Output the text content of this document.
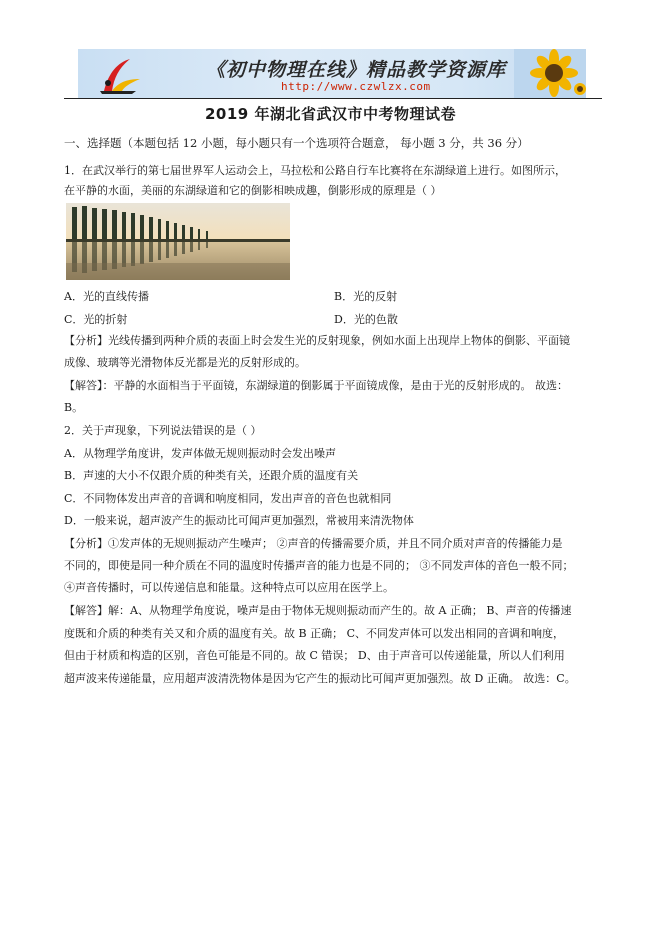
《初中物理在线》精品教学资源库
http://www.czwlzx.com
2019 年湖北省武汉市中考物理试卷
一、选择题（本题包括 12 小题，每小题只有一个选项符合题意， 每小题 3 分，共 36 分）
1．在武汉举行的第七届世界军人运动会上，马拉松和公路自行车比赛将在东湖绿道上进行。如图所示，
在平静的水面，美丽的东湖绿道和它的倒影相映成趣，倒影形成的原理是（ ）
A．光的直线传播	B．光的反射
C．光的折射	D．光的色散
【分析】光线传播到两种介质的表面上时会发生光的反射现象，例如水面上出现岸上物体的倒影、平面镜
成像、玻璃等光滑物体反光都是光的反射形成的。
【解答】：平静的水面相当于平面镜，东湖绿道的倒影属于平面镜成像，是由于光的反射形成的。 故选：
B。
2．关于声现象，下列说法错误的是（ ）
A．从物理学角度讲，发声体做无规则振动时会发出噪声
B．声速的大小不仅跟介质的种类有关，还跟介质的温度有关
C．不同物体发出声音的音调和响度相同，发出声音的音色也就相同
D．一般来说，超声波产生的振动比可闻声更加强烈，常被用来清洗物体
【分析】①发声体的无规则振动产生噪声； ②声音的传播需要介质，并且不同介质对声音的传播能力是
不同的，即使是同一种介质在不同的温度时传播声音的能力也是不同的； ③不同发声体的音色一般不同；
④声音传播时，可以传递信息和能量。这种特点可以应用在医学上。
【解答】解：A、从物理学角度说，噪声是由于物体无规则振动而产生的。故 A 正确； B、声音的传播速
度既和介质的种类有关又和介质的温度有关。故 B 正确； C、不同发声体可以发出相同的音调和响度，
但由于材质和构造的区别，音色可能是不同的。故 C 错误； D、由于声音可以传递能量，所以人们利用
超声波来传递能量，应用超声波清洗物体是因为它产生的振动比可闻声更加强烈。故 D 正确。 故选：C。
